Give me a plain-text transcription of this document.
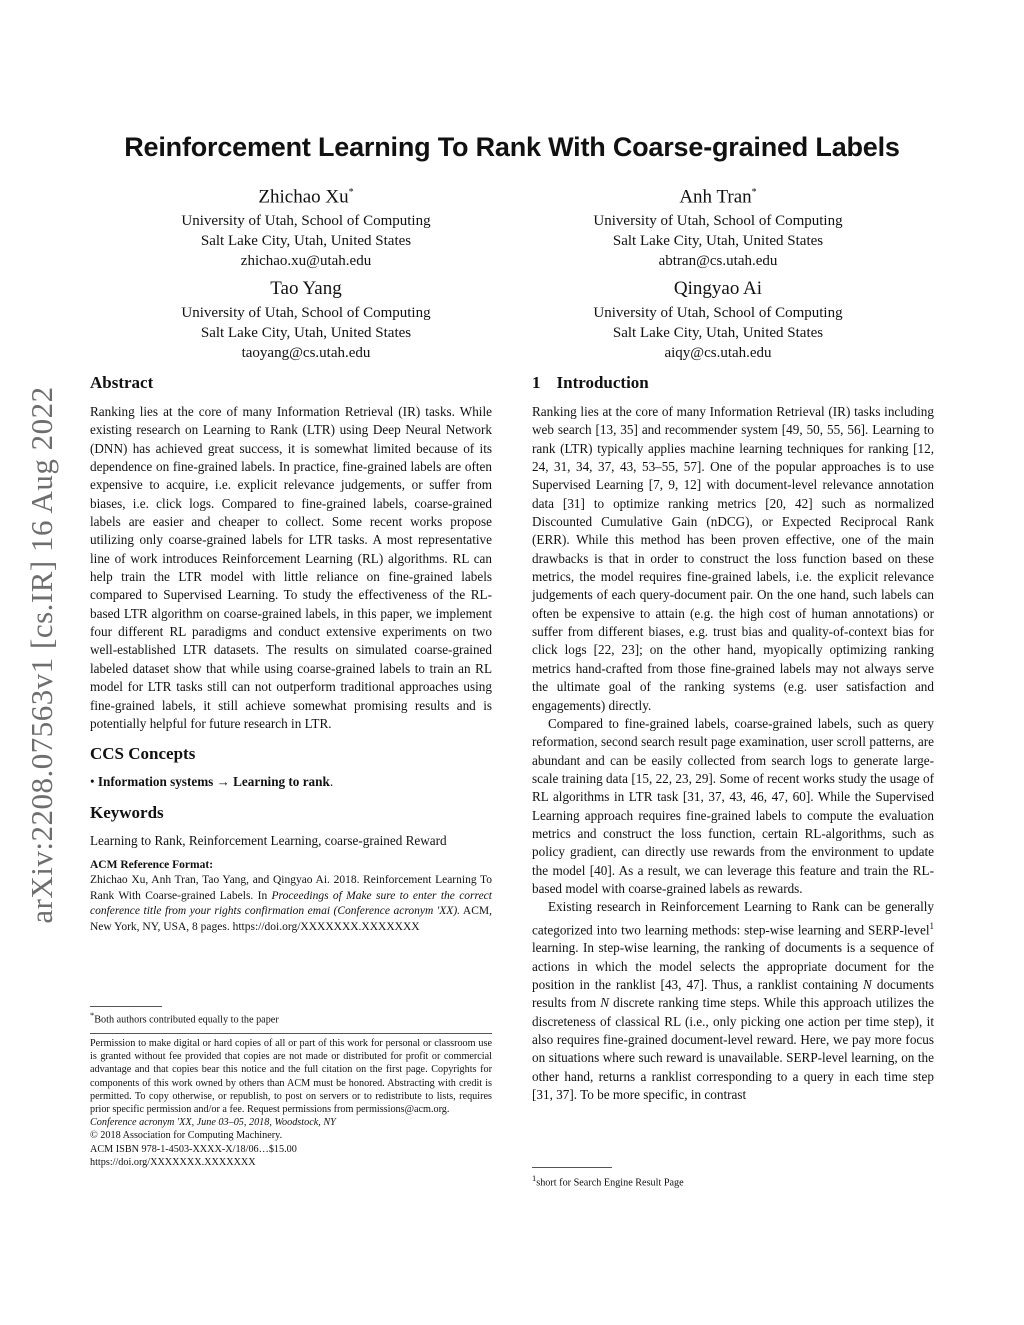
arXiv:2208.07563v1 [cs.IR] 16 Aug 2022
Reinforcement Learning To Rank With Coarse-grained Labels
Zhichao Xu*
University of Utah, School of Computing
Salt Lake City, Utah, United States
zhichao.xu@utah.edu
Anh Tran*
University of Utah, School of Computing
Salt Lake City, Utah, United States
abtran@cs.utah.edu
Tao Yang
University of Utah, School of Computing
Salt Lake City, Utah, United States
taoyang@cs.utah.edu
Qingyao Ai
University of Utah, School of Computing
Salt Lake City, Utah, United States
aiqy@cs.utah.edu
Abstract

Ranking lies at the core of many Information Retrieval (IR) tasks. While existing research on Learning to Rank (LTR) using Deep Neural Network (DNN) has achieved great success, it is somewhat limited because of its dependence on fine-grained labels. In practice, fine-grained labels are often expensive to acquire, i.e. explicit relevance judgements, or suffer from biases, i.e. click logs. Compared to fine-grained labels, coarse-grained labels are easier and cheaper to collect. Some recent works propose utilizing only coarse-grained labels for LTR tasks. A most representative line of work introduces Reinforcement Learning (RL) algorithms. RL can help train the LTR model with little reliance on fine-grained labels compared to Supervised Learning. To study the effectiveness of the RL-based LTR algorithm on coarse-grained labels, in this paper, we implement four different RL paradigms and conduct extensive experiments on two well-established LTR datasets. The results on simulated coarse-grained labeled dataset show that while using coarse-grained labels to train an RL model for LTR tasks still can not outperform traditional approaches using fine-grained labels, it still achieve somewhat promising results and is potentially helpful for future research in LTR.

CCS Concepts

• Information systems → Learning to rank.

Keywords

Learning to Rank, Reinforcement Learning, coarse-grained Reward

ACM Reference Format:
Zhichao Xu, Anh Tran, Tao Yang, and Qingyao Ai. 2018. Reinforcement Learning To Rank With Coarse-grained Labels. In Proceedings of Make sure to enter the correct conference title from your rights confirmation emai (Conference acronym 'XX). ACM, New York, NY, USA, 8 pages. https://doi.org/XXXXXXX.XXXXXXX
*Both authors contributed equally to the paper
Permission to make digital or hard copies of all or part of this work for personal or classroom use is granted without fee provided that copies are not made or distributed for profit or commercial advantage and that copies bear this notice and the full citation on the first page. Copyrights for components of this work owned by others than ACM must be honored. Abstracting with credit is permitted. To copy otherwise, or republish, to post on servers or to redistribute to lists, requires prior specific permission and/or a fee. Request permissions from permissions@acm.org.
Conference acronym 'XX, June 03–05, 2018, Woodstock, NY
© 2018 Association for Computing Machinery.
ACM ISBN 978-1-4503-XXXX-X/18/06…$15.00
https://doi.org/XXXXXXX.XXXXXXX
1 Introduction

Ranking lies at the core of many Information Retrieval (IR) tasks including web search [13, 35] and recommender system [49, 50, 55, 56]. Learning to rank (LTR) typically applies machine learning techniques for ranking [12, 24, 31, 34, 37, 43, 53–55, 57]. One of the popular approaches is to use Supervised Learning [7, 9, 12] with document-level relevance annotation data [31] to optimize ranking metrics [20, 42] such as normalized Discounted Cumulative Gain (nDCG), or Expected Reciprocal Rank (ERR). While this method has been proven effective, one of the main drawbacks is that in order to construct the loss function based on these metrics, the model requires fine-grained labels, i.e. the explicit relevance judgements of each query-document pair. On the one hand, such labels can often be expensive to attain (e.g. the high cost of human annotations) or suffer from different biases, e.g. trust bias and quality-of-context bias for click logs [22, 23]; on the other hand, myopically optimizing ranking metrics hand-crafted from those fine-grained labels may not always serve the ultimate goal of the ranking systems (e.g. user satisfaction and engagements) directly.

Compared to fine-grained labels, coarse-grained labels, such as query reformation, second search result page examination, user scroll patterns, are abundant and can be easily collected from search logs to generate large-scale training data [15, 22, 23, 29]. Some of recent works study the usage of RL algorithms in LTR task [31, 37, 43, 46, 47, 60]. While the Supervised Learning approach requires fine-grained labels to compute the evaluation metrics and construct the loss function, certain RL-algorithms, such as policy gradient, can directly use rewards from the environment to update the model [40]. As a result, we can leverage this feature and train the RL-based model with coarse-grained labels as rewards.

Existing research in Reinforcement Learning to Rank can be generally categorized into two learning methods: step-wise learning and SERP-level$^1$ learning. In step-wise learning, the ranking of documents is a sequence of actions in which the model selects the appropriate document for the position in the ranklist [43, 47]. Thus, a ranklist containing N documents results from N discrete ranking time steps. While this approach utilizes the discreteness of classical RL (i.e., only picking one action per time step), it also requires fine-grained document-level reward. Here, we pay more focus on situations where such reward is unavailable. SERP-level learning, on the other hand, returns a ranklist corresponding to a query in each time step [31, 37]. To be more specific, in contrast

$^1$short for Search Engine Result Page
